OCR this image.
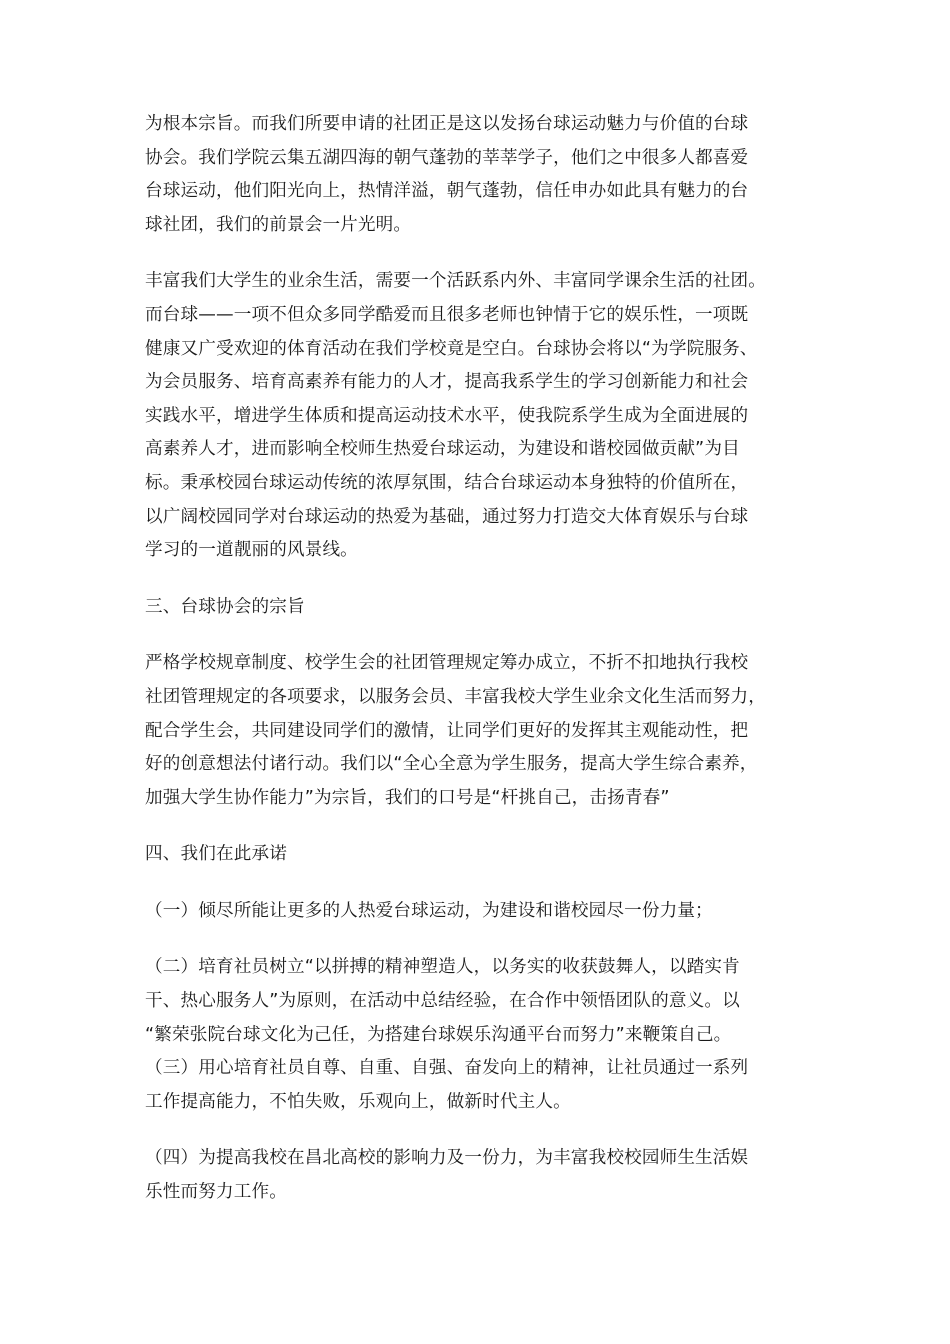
为根本宗旨。而我们所要申请的社团正是这以发扬台球运动魅力与价值的台球
协会。我们学院云集五湖四海的朝气蓬勃的莘莘学子，他们之中很多人都喜爱
台球运动，他们阳光向上，热情洋溢，朝气蓬勃，信任申办如此具有魅力的台
球社团，我们的前景会一片光明。

丰富我们大学生的业余生活，需要一个活跃系内外、丰富同学课余生活的社团。
而台球——一项不但众多同学酷爱而且很多老师也钟情于它的娱乐性，一项既
健康又广受欢迎的体育活动在我们学校竟是空白。台球协会将以“为学院服务、
为会员服务、培育高素养有能力的人才，提高我系学生的学习创新能力和社会
实践水平，增进学生体质和提高运动技术水平，使我院系学生成为全面进展的
高素养人才，进而影响全校师生热爱台球运动，为建设和谐校园做贡献”为目
标。秉承校园台球运动传统的浓厚氛围，结合台球运动本身独特的价值所在，
以广阔校园同学对台球运动的热爱为基础，通过努力打造交大体育娱乐与台球
学习的一道靓丽的风景线。

三、台球协会的宗旨

严格学校规章制度、校学生会的社团管理规定筹办成立，不折不扣地执行我校
社团管理规定的各项要求，以服务会员、丰富我校大学生业余文化生活而努力，
配合学生会，共同建设同学们的激情，让同学们更好的发挥其主观能动性，把
好的创意想法付诸行动。我们以“全心全意为学生服务，提高大学生综合素养，
加强大学生协作能力”为宗旨，我们的口号是“杆挑自己，击扬青春”

四、我们在此承诺

（一）倾尽所能让更多的人热爱台球运动，为建设和谐校园尽一份力量；

（二）培育社员树立“以拼搏的精神塑造人，以务实的收获鼓舞人，以踏实肯
干、热心服务人”为原则，在活动中总结经验，在合作中领悟团队的意义。以
“繁荣张院台球文化为己任，为搭建台球娱乐沟通平台而努力”来鞭策自己。

（三）用心培育社员自尊、自重、自强、奋发向上的精神，让社员通过一系列
工作提高能力，不怕失败，乐观向上，做新时代主人。

（四）为提高我校在昌北高校的影响力及一份力，为丰富我校校园师生生活娱
乐性而努力工作。
